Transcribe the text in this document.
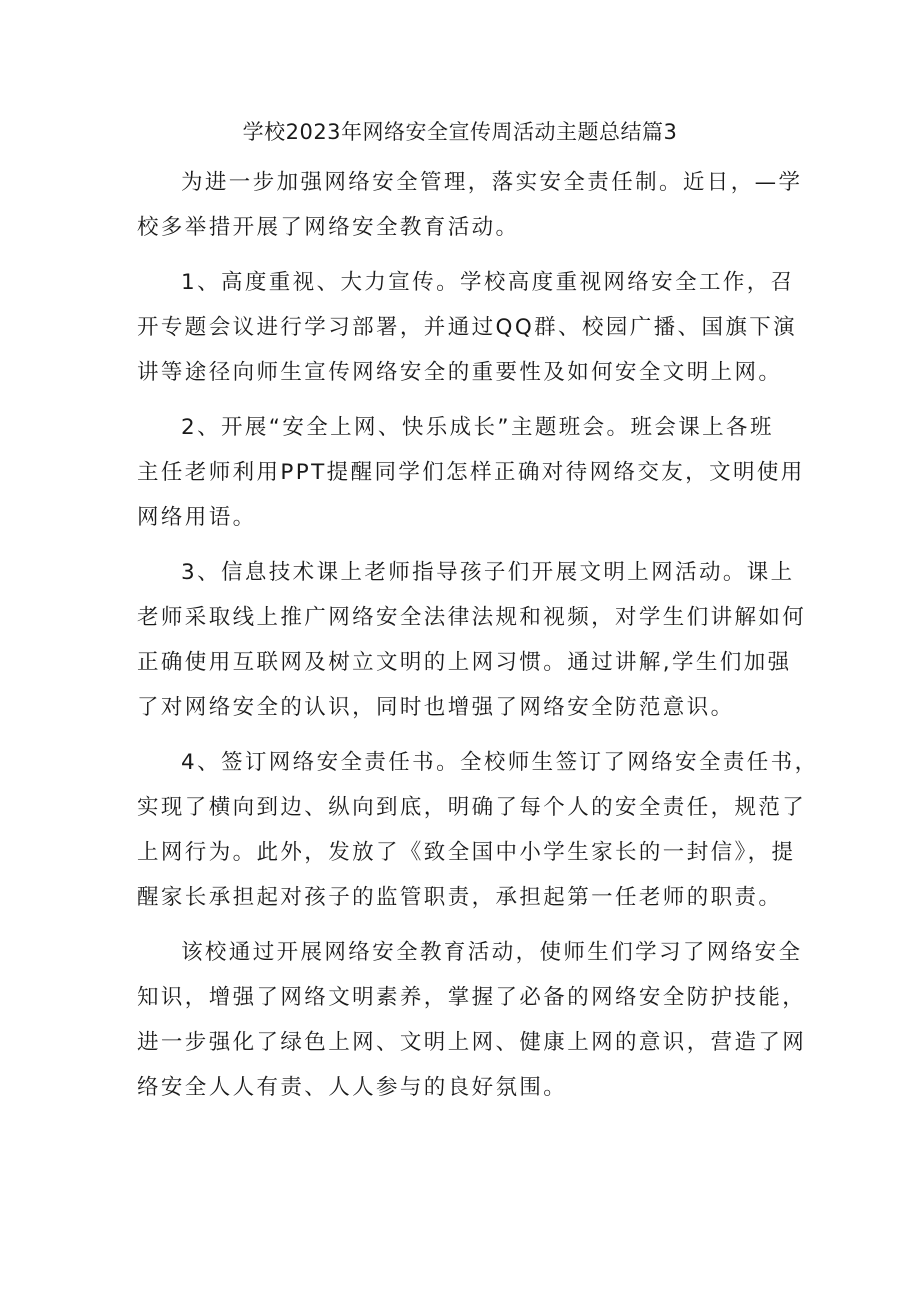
学校2023年网络安全宣传周活动主题总结篇3

为进一步加强网络安全管理，落实安全责任制。近日，—学
校多举措开展了网络安全教育活动。

1、高度重视、大力宣传。学校高度重视网络安全工作，召
开专题会议进行学习部署，并通过QQ群、校园广播、国旗下演
讲等途径向师生宣传网络安全的重要性及如何安全文明上网。

2、开展“安全上网、快乐成长”主题班会。班会课上各班
主任老师利用PPT提醒同学们怎样正确对待网络交友，文明使用
网络用语。

3、信息技术课上老师指导孩子们开展文明上网活动。课上
老师采取线上推广网络安全法律法规和视频，对学生们讲解如何
正确使用互联网及树立文明的上网习惯。通过讲解,学生们加强
了对网络安全的认识，同时也增强了网络安全防范意识。

4、签订网络安全责任书。全校师生签订了网络安全责任书，
实现了横向到边、纵向到底，明确了每个人的安全责任，规范了
上网行为。此外，发放了《致全国中小学生家长的一封信》，提
醒家长承担起对孩子的监管职责，承担起第一任老师的职责。

该校通过开展网络安全教育活动，使师生们学习了网络安全
知识，增强了网络文明素养，掌握了必备的网络安全防护技能，
进一步强化了绿色上网、文明上网、健康上网的意识，营造了网
络安全人人有责、人人参与的良好氛围。
